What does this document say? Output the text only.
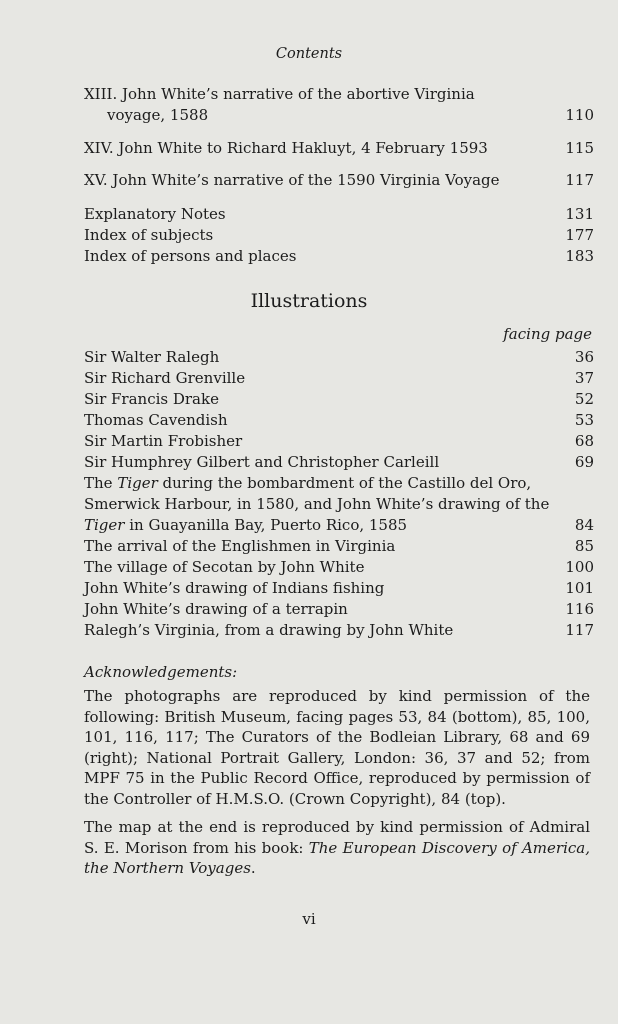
Contents
XIII. John White’s narrative of the abortive Virginia
voyage, 1588	110
XIV. John White to Richard Hakluyt, 4 February 1593	115
XV. John White’s narrative of the 1590 Virginia Voyage	117
Explanatory Notes	131
Index of subjects	177
Index of persons and places	183
Illustrations
facing page
Sir Walter Ralegh	36
Sir Richard Grenville	37
Sir Francis Drake	52
Thomas Cavendish	53
Sir Martin Frobisher	68
Sir Humphrey Gilbert and Christopher Carleill	69
The Tiger during the bombardment of the Castillo del Oro,
Smerwick Harbour, in 1580, and John White’s drawing of the
Tiger in Guayanilla Bay, Puerto Rico, 1585	84
The arrival of the Englishmen in Virginia	85
The village of Secotan by John White	100
John White’s drawing of Indians fishing	101
John White’s drawing of a terrapin	116
Ralegh’s Virginia, from a drawing by John White	117
Acknowledgements:
The photographs are reproduced by kind permission of the following: British Museum, facing pages 53, 84 (bottom), 85, 100, 101, 116, 117; The Curators of the Bodleian Library, 68 and 69 (right); National Portrait Gallery, London: 36, 37 and 52; from MPF 75 in the Public Record Office, reproduced by permission of the Controller of H.M.S.O. (Crown Copyright), 84 (top).
The map at the end is reproduced by kind permission of Admiral S. E. Morison from his book: The European Discovery of America, the Northern Voyages.
vi
